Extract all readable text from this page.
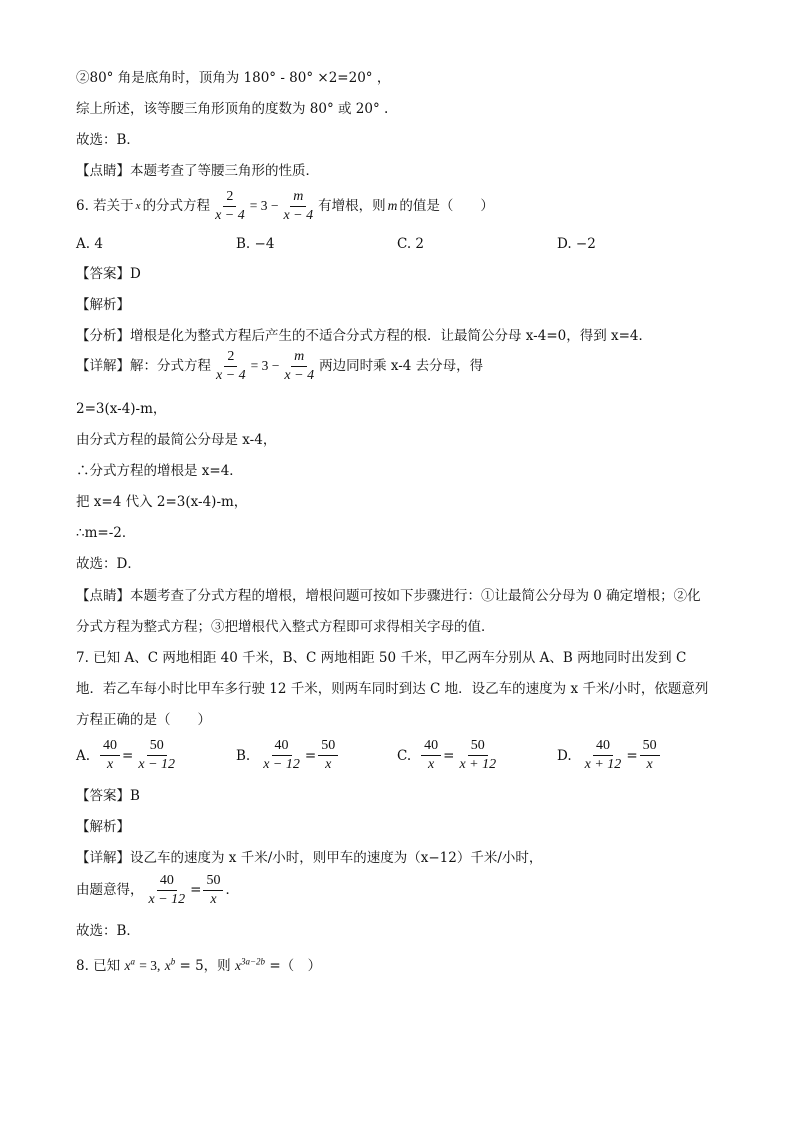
②80° 角是底角时，顶角为 180° - 80° ×2=20° ，
综上所述，该等腰三角形顶角的度数为 80° 或 20° .
故选：B．
【点睛】本题考查了等腰三角形的性质．
6. 若关于 x 的分式方程 $\frac{2}{x - 4} = 3 - \frac{m}{x - 4}$ 有增根，则 m 的值是（　　）
A. 4	B. −4	C. 2	D. −2
【答案】D
【解析】
【分析】增根是化为整式方程后产生的不适合分式方程的根．让最简公分母 x-4=0，得到 x=4．
【详解】解：分式方程 $\frac{2}{x - 4} = 3 - \frac{m}{x - 4}$ 两边同时乘 x-4 去分母，得
2=3(x-4)-m，
由分式方程的最简公分母是 x-4，
∴分式方程的增根是 x=4．
把 x=4 代入 2=3(x-4)-m，
∴m=-2．
故选：D．
【点睛】本题考查了分式方程的增根，增根问题可按如下步骤进行：①让最简公分母为 0 确定增根；②化
分式方程为整式方程；③把增根代入整式方程即可求得相关字母的值．
7. 已知 A、C 两地相距 40 千米，B、C 两地相距 50 千米，甲乙两车分别从 A、B 两地同时出发到 C
地．若乙车每小时比甲车多行驶 12 千米，则两车同时到达 C 地．设乙车的速度为 x 千米/小时，依题意列
方程正确的是（　　）
A. $\frac{40}{x} = \frac{50}{x - 12}$	B. $\frac{40}{x - 12} = \frac{50}{x}$	C. $\frac{40}{x} = \frac{50}{x + 12}$	D. $\frac{40}{x + 12} = \frac{50}{x}$
【答案】B
【解析】
【详解】设乙车的速度为 x 千米/小时，则甲车的速度为（x−12）千米/小时，
由题意得， $\frac{40}{x - 12} = \frac{50}{x}$ ．
故选：B．
8. 已知 $x^a = 3$, $x^b = 5$，则 $x^{3a-2b}$ =（　）
